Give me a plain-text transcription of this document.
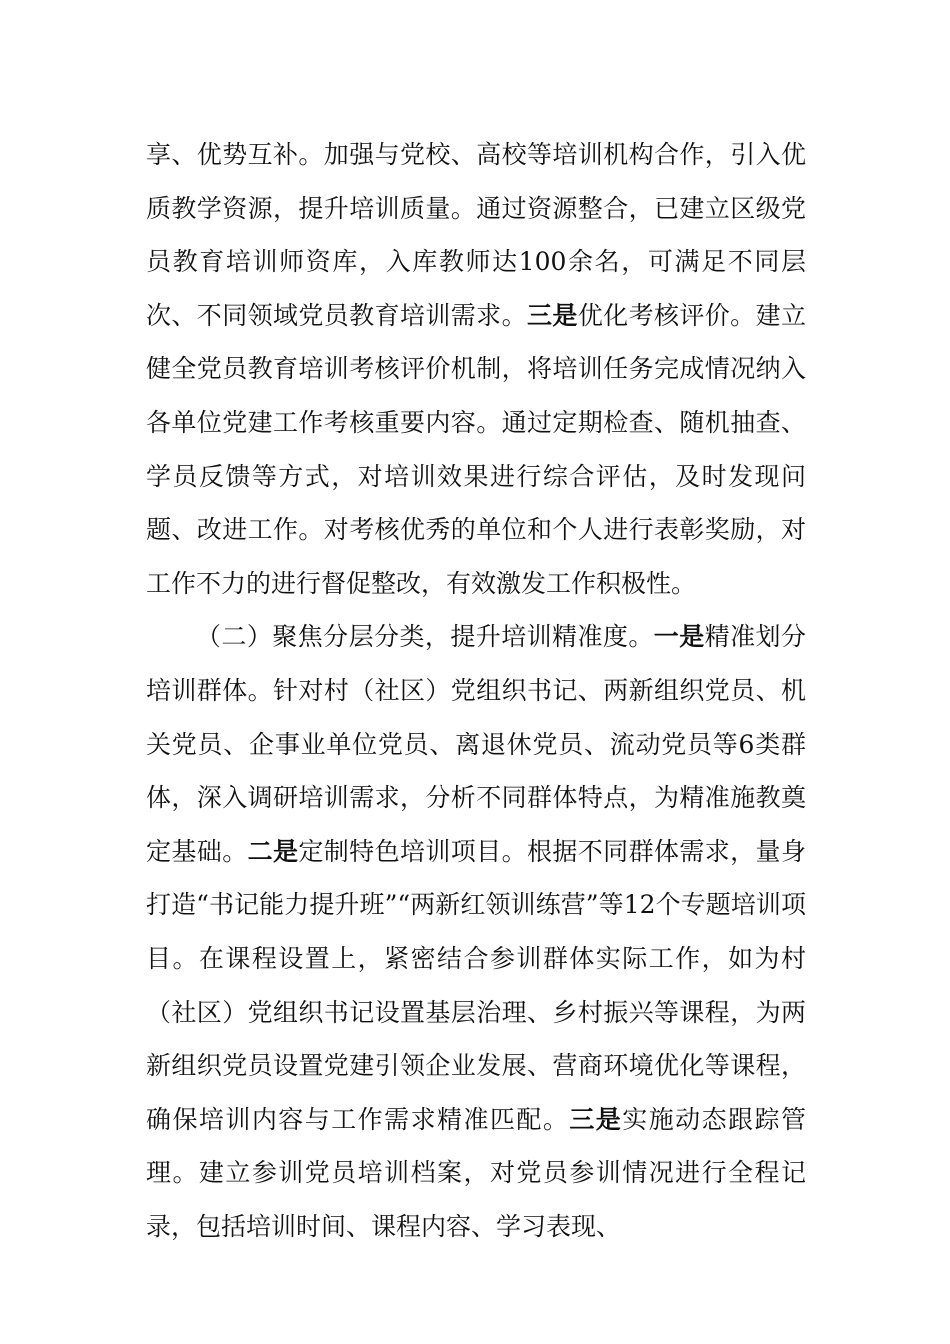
享、优势互补。加强与党校、高校等培训机构合作，引入优质教学资源，提升培训质量。通过资源整合，已建立区级党员教育培训师资库，入库教师达100余名，可满足不同层次、不同领域党员教育培训需求。三是优化考核评价。建立健全党员教育培训考核评价机制，将培训任务完成情况纳入各单位党建工作考核重要内容。通过定期检查、随机抽查、学员反馈等方式，对培训效果进行综合评估，及时发现问题、改进工作。对考核优秀的单位和个人进行表彰奖励，对工作不力的进行督促整改，有效激发工作积极性。

（二）聚焦分层分类，提升培训精准度。一是精准划分培训群体。针对村（社区）党组织书记、两新组织党员、机关党员、企事业单位党员、离退休党员、流动党员等6类群体，深入调研培训需求，分析不同群体特点，为精准施教奠定基础。二是定制特色培训项目。根据不同群体需求，量身打造“书记能力提升班”“两新红领训练营”等12个专题培训项目。在课程设置上，紧密结合参训群体实际工作，如为村（社区）党组织书记设置基层治理、乡村振兴等课程，为两新组织党员设置党建引领企业发展、营商环境优化等课程，确保培训内容与工作需求精准匹配。三是实施动态跟踪管理。建立参训党员培训档案，对党员参训情况进行全程记录，包括培训时间、课程内容、学习表现、
